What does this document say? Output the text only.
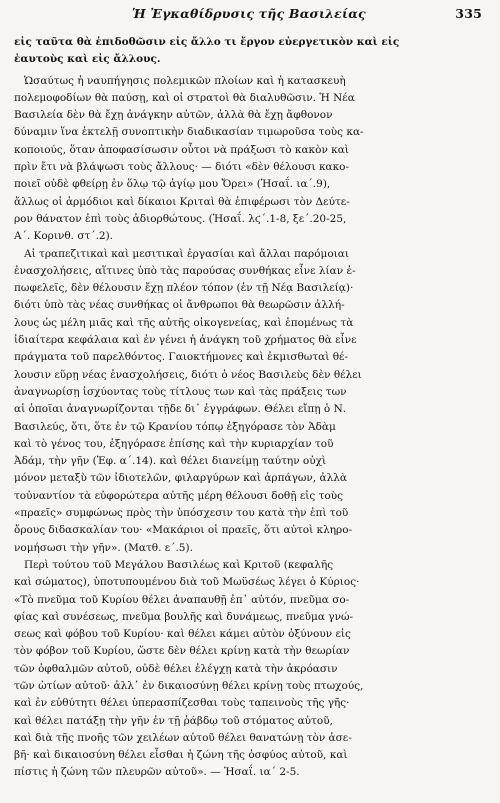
Ἡ Ἐγκαθίδρυσις τῆς Βασιλείας	335
εἰς ταῦτα θὰ ἐπιδοθῶσιν εἰς ἄλλο τι ἔργον εὐεργετικὸν καὶ εἰς
ἑαυτοὺς καὶ εἰς ἄλλους.
Ὡσαύτως ἡ ναυπήγησις πολεμικῶν πλοίων καὶ ἡ κατασκευὴ
πολεμοφοδίων θὰ παύσῃ, καὶ οἱ στρατοὶ θὰ διαλυθῶσιν. Ἡ Νέα
Βασιλεία δὲν θὰ ἔχῃ ἀνάγκην αὐτῶν, ἀλλὰ θὰ ἔχῃ ἄφθονον
δύναμιν ἵνα ἐκτελῇ συνοπτικὴν διαδικασίαν τιμωροῦσα τοὺς κα-
κοποιούς, ὅταν ἀποφασίσωσιν οὗτοι νὰ πράξωσι τὸ κακὸν καὶ
πρὶν ἔτι νὰ βλάψωσι τοὺς ἄλλους· — διότι «δὲν θέλουσι κακο-
ποιεῖ οὐδὲ φθείρῃ ἐν ὅλῳ τῷ ἁγίῳ μου Ὄρει» (Ἡσαΐ. ια΄.9),
ἄλλως οἱ ἁρμόδιοι καὶ δίκαιοι Κριταὶ θὰ ἐπιφέρωσι τὸν Δεύτε-
ρον θάνατον ἐπὶ τοὺς ἀδιορθώτους. (Ἡσαΐ. λϛ΄.1-8, ξε΄.20-25,
Α΄. Κορινθ. στ΄.2).
Αἱ τραπεζιτικαὶ καὶ μεσιτικαὶ ἐργασίαι καὶ ἄλλαι παρόμοιαι
ἐνασχολήσεις, αἵτινες ὑπὸ τὰς παρούσας συνθήκας εἶνε λίαν ἐ-
πωφελεῖς, δὲν θέλουσιν ἔχῃ πλέον τόπον (ἐν τῇ Νέᾳ Βασιλείᾳ)·
διότι ὑπὸ τὰς νέας συνθήκας οἱ ἄνθρωποι θὰ θεωρῶσιν ἀλλή-
λους ὡς μέλη μιᾶς καὶ τῆς αὐτῆς οἰκογενείας, καὶ ἑπομένως τὰ
ἰδιαίτερα κεφάλαια καὶ ἐν γένει ἡ ἀνάγκη τοῦ χρήματος θὰ εἶνε
πράγματα τοῦ παρελθόντος. Γαιοκτήμονες καὶ ἐκμισθωταὶ θέ-
λουσιν εὕρῃ νέας ἐνασχολήσεις, διότι ὁ νέος Βασιλεὺς δὲν θέλει
ἀναγνωρίσῃ ἰσχύοντας τοὺς τίτλους των καὶ τὰς πράξεις των
αἱ ὁποῖαι ἀναγνωρίζονται τῇδε δι᾽ ἐγγράφων. Θέλει εἴπῃ ὁ Ν.
Βασιλεύς, ὅτι, ὅτε ἐν τῷ Κρανίου τόπῳ ἐξηγόρασε τὸν Ἀδὰμ
καὶ τὸ γένος του, ἐξηγόρασε ἐπίσης καὶ τὴν κυριαρχίαν τοῦ
Ἀδάμ, τὴν γῆν (Ἐφ. α΄.14). καὶ θέλει διανείμῃ ταύτην οὐχὶ
μόνον μεταξὺ τῶν ἰδιοτελῶν, φιλαργύρων καὶ ἁρπάγων, ἀλλὰ
τοὐναντίον τὰ εὐφορώτερα αὐτῆς μέρη θέλουσι δοθῇ εἰς τοὺς
«πραεῖς» συμφώνως πρὸς τὴν ὑπόσχεσιν του κατὰ τὴν ἐπὶ τοῦ
ὄρους διδασκαλίαν του· «Μακάριοι οἱ πραεῖς, ὅτι αὐτοὶ κληρο-
νομήσωσι τὴν γῆν». (Ματθ. ε΄.5).
Περὶ τούτου τοῦ Μεγάλου Βασιλέως καὶ Κριτοῦ (κεφαλῆς
καὶ σώματος), ὑποτυπουμένου διὰ τοῦ Μωϋσέως λέγει ὁ Κύριος·
«Τὸ πνεῦμα τοῦ Κυρίου θέλει ἀναπαυθῇ ἐπ᾽ αὐτόν, πνεῦμα σο-
φίας καὶ συνέσεως, πνεῦμα βουλῆς καὶ δυνάμεως, πνεῦμα γνώ-
σεως καὶ φόβου τοῦ Κυρίου· καὶ θέλει κάμει αὐτὸν ὀξύνουν εἰς
τὸν φόβον τοῦ Κυρίου, ὥστε δὲν θέλει κρίνῃ κατὰ τὴν θεωρίαν
τῶν ὀφθαλμῶν αὐτοῦ, οὐδὲ θέλει ἐλέγχῃ κατὰ τὴν ἀκρόασιν
τῶν ὠτίων αὐτοῦ· ἀλλ᾽ ἐν δικαιοσύνῃ θέλει κρίνῃ τοὺς πτωχούς,
καὶ ἐν εὐθύτητι θέλει ὑπερασπίζεσθαι τοὺς ταπεινοὺς τῆς γῆς·
καὶ θέλει πατάξῃ τὴν γῆν ἐν τῇ ῥάβδῳ τοῦ στόματος αὐτοῦ,
καὶ διὰ τῆς πνοῆς τῶν χειλέων αὐτοῦ θέλει θανατώνῃ τὸν ἀσε-
βῆ· καὶ δικαιοσύνη θέλει εἶσθαι ἡ ζώνη τῆς ὀσφύος αὐτοῦ, καὶ
πίστις ἡ ζώνη τῶν πλευρῶν αὐτοῦ». — Ἡσαΐ. ια΄ 2-5.
